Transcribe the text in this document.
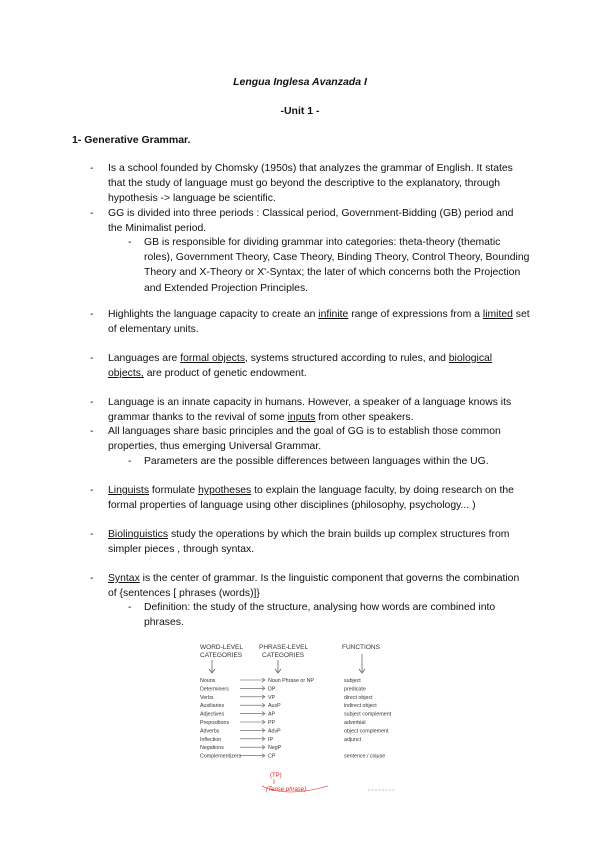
Lengua Inglesa Avanzada I
-Unit 1 -
1- Generative Grammar.
- Is a school founded by Chomsky (1950s) that analyzes the grammar of English. It states that the study of language must go beyond the descriptive to the explanatory, through hypothesis -> language be scientific.
- GG is divided into three periods : Classical period, Government-Bidding (GB) period and the Minimalist period.
- GB is responsible for dividing grammar into categories: theta-theory (thematic roles), Government Theory, Case Theory, Binding Theory, Control Theory, Bounding Theory and X-Theory or X'-Syntax; the later of which concerns both the Projection and Extended Projection Principles.
- Highlights the language capacity to create an infinite range of expressions from a limited set of elementary units.
- Languages are formal objects, systems structured according to rules, and biological objects, are product of genetic endowment.
- Language is an innate capacity in humans. However, a speaker of a language knows its grammar thanks to the revival of some inputs from other speakers.
- All languages share basic principles and the goal of GG is to establish those common properties, thus emerging Universal Grammar.
- Parameters are the possible differences between languages within the UG.
- Linguists formulate hypotheses to explain the language faculty, by doing research on the formal properties of language using other disciplines (philosophy, psychology... )
- Biolinguistics study the operations by which the brain builds up complex structures from simpler pieces , through syntax.
- Syntax is the center of grammar. Is the linguistic component that governs the combination of {sentences [ phrases (words)]}
- Definition: the study of the structure, analysing how words are combined into phrases.
WORD-LEVEL
CATEGORIES
PHRASE-LEVEL
CATEGORIES
FUNCTIONS
Nouns
Determiners
Verbs
Auxiliaries
Adjectives
Prepositions
Adverbs
Inflection
Negations
Complementizers
Noun Phrase or NP
DP
VP
AuxP
AP
PP
AdvP
IP
NegP
CP
subject
predicate
direct object
indirect object
subject complement
adverbial
object complement
adjunct
sentence / clause
(TP)
(Tense phrase)
